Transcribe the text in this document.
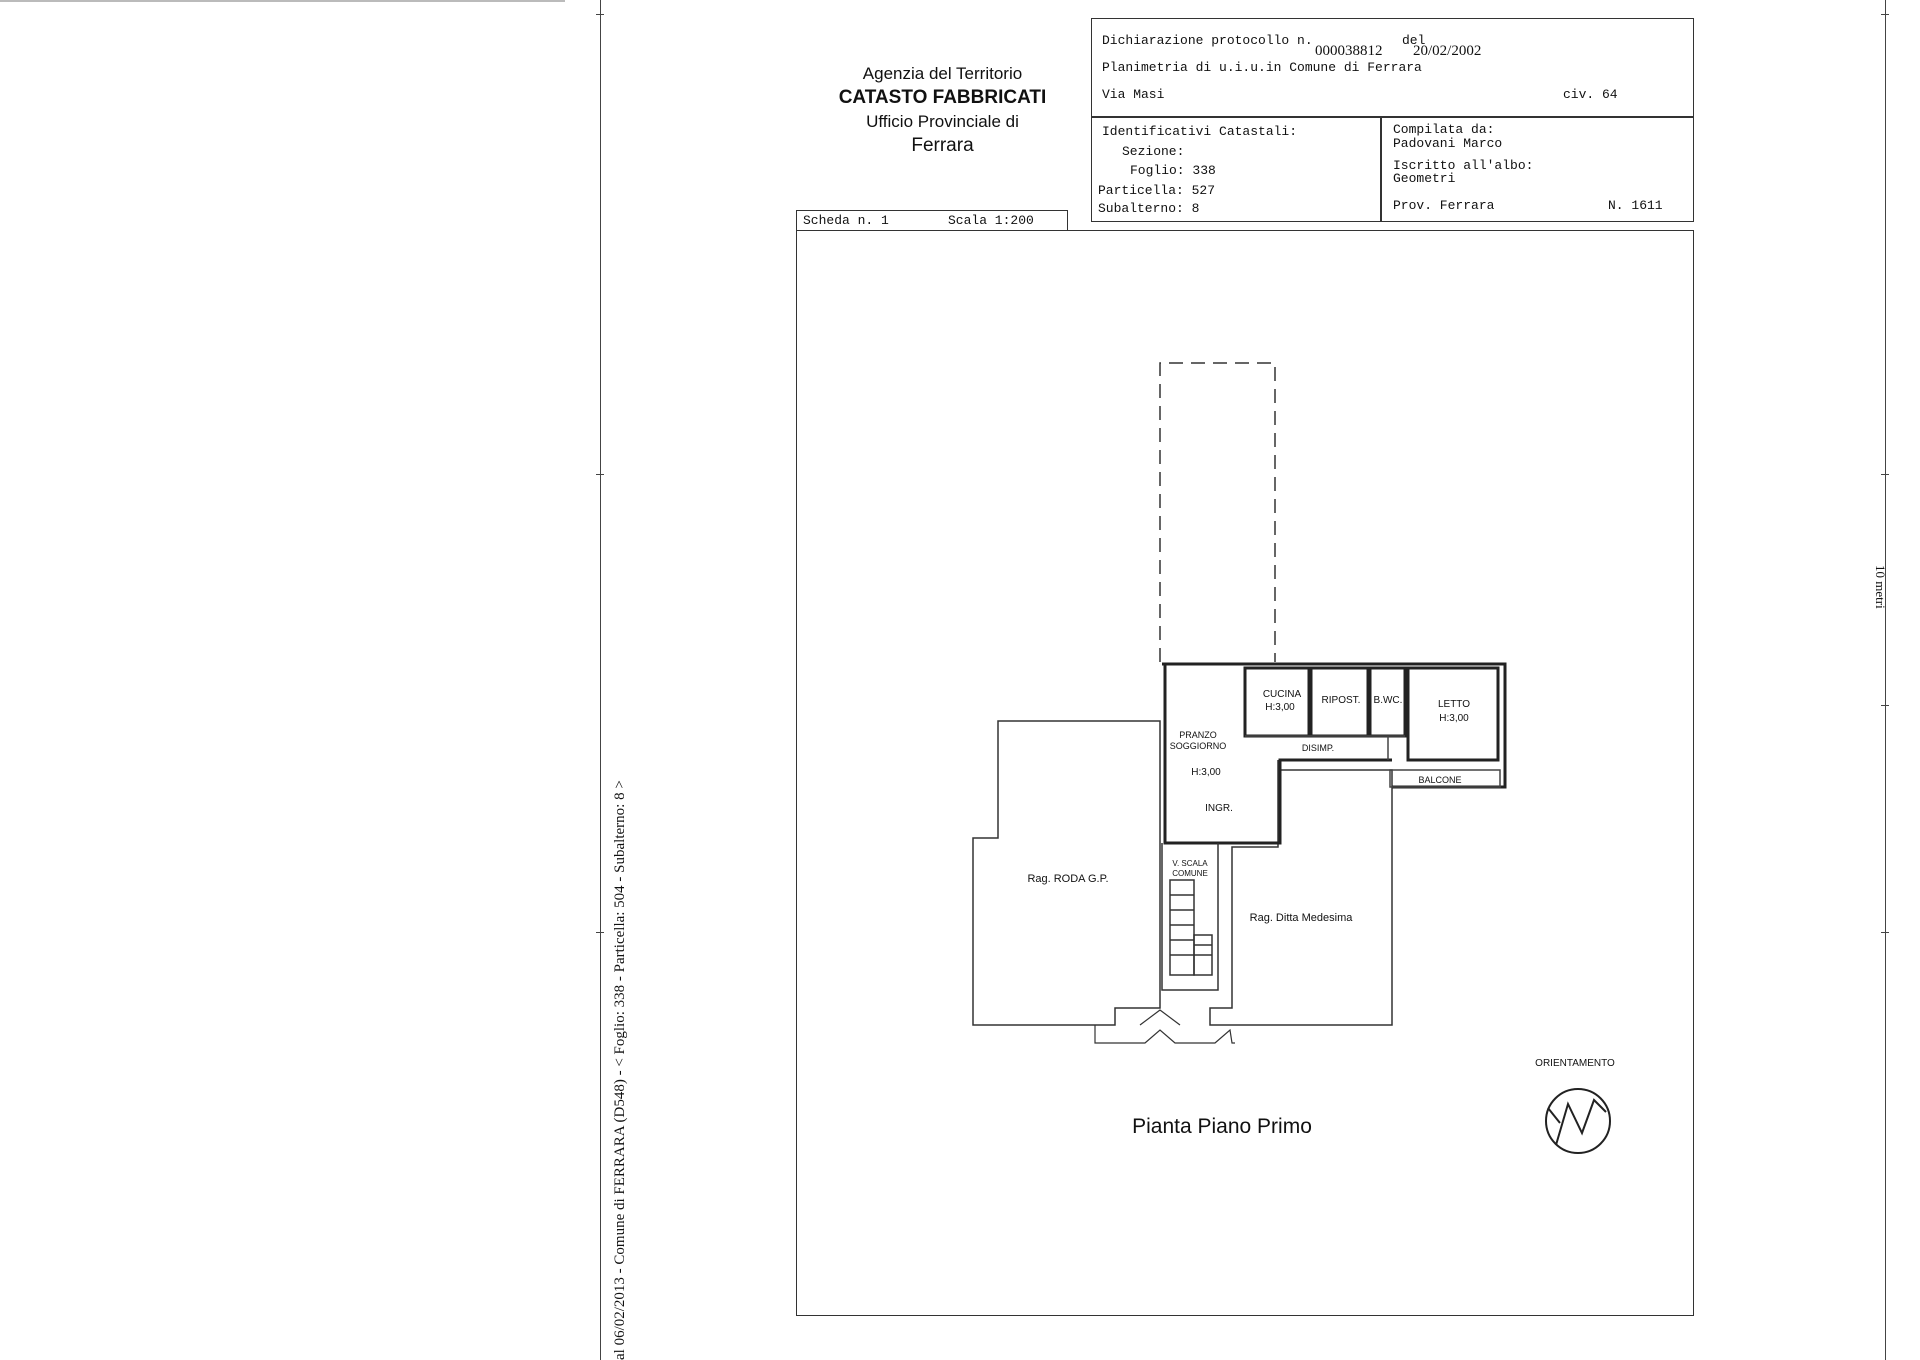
Agenzia del Territorio
CATASTO FABBRICATI
Ufficio Provinciale di
Ferrara
Dichiarazione protocollo n.
000038812
del
20/02/2002
Planimetria di u.i.u.in Comune di Ferrara
Via Masi	civ. 64
Identificativi Catastali:
Sezione:
Foglio: 338
Particella: 527
Subalterno: 8
Compilata da:
Padovani Marco
Iscritto all'albo:
Geometri
Prov. Ferrara	N. 1611
Scheda n. 1	Scala 1:200
CUCINA
H:3,00
RIPOST. B.WC.	LETTO
H:3,00
PRANZO
SOGGIORNO
H:3,00
INGR.
DISIMP.
BALCONE
V. SCALA
COMUNE
Rag. RODA G.P.
Rag. Ditta Medesima
ORIENTAMENTO
Pianta Piano Primo
al 06/02/2013 - Comune di FERRARA (D548) - < Foglio: 338 - Particella: 504 - Subalterno: 8 >
10 metri
